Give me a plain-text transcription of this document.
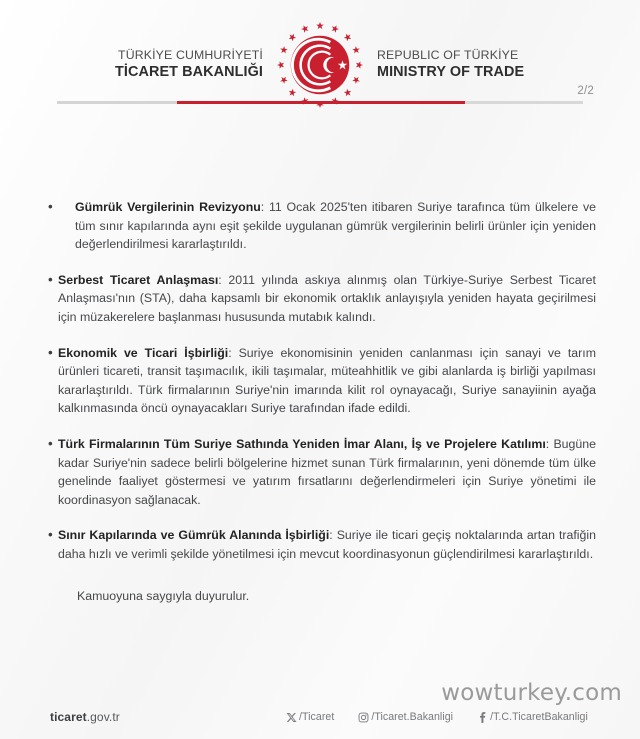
TÜRKİYE CUMHURİYETİ
TİCARET BAKANLIĞI
REPUBLIC OF TÜRKİYE
MINISTRY OF TRADE
2/2
•	Gümrük Vergilerinin Revizyonu: 11 Ocak 2025'ten itibaren Suriye tarafınca tüm ülkelere ve tüm sınır kapılarında aynı eşit şekilde uygulanan gümrük vergilerinin belirli ürünler için yeniden değerlendirilmesi kararlaştırıldı.

• Serbest Ticaret Anlaşması: 2011 yılında askıya alınmış olan Türkiye-Suriye Serbest Ticaret Anlaşması'nın (STA), daha kapsamlı bir ekonomik ortaklık anlayışıyla yeniden hayata geçirilmesi için müzakerelere başlanması hususunda mutabık kalındı.

• Ekonomik ve Ticari İşbirliği: Suriye ekonomisinin yeniden canlanması için sanayi ve tarım ürünleri ticareti, transit taşımacılık, ikili taşımalar, müteahhitlik ve gibi alanlarda iş birliği yapılması kararlaştırıldı. Türk firmalarının Suriye'nin imarında kilit rol oynayacağı, Suriye sanayiinin ayağa kalkınmasında öncü oynayacakları Suriye tarafından ifade edildi.

• Türk Firmalarının Tüm Suriye Sathında Yeniden İmar Alanı, İş ve Projelere Katılımı: Bugüne kadar Suriye'nin sadece belirli bölgelerine hizmet sunan Türk firmalarının, yeni dönemde tüm ülke genelinde faaliyet göstermesi ve yatırım fırsatlarını değerlendirmeleri için Suriye yönetimi ile koordinasyon sağlanacak.

• Sınır Kapılarında ve Gümrük Alanında İşbirliği: Suriye ile ticari geçiş noktalarında artan trafiğin daha hızlı ve verimli şekilde yönetilmesi için mevcut koordinasyonun güçlendirilmesi kararlaştırıldı.

Kamuoyuna saygıyla duyurulur.

wowturkey.com
ticaret.gov.tr	/Ticaret	/Ticaret.Bakanligi	/T.C.TicaretBakanligi
